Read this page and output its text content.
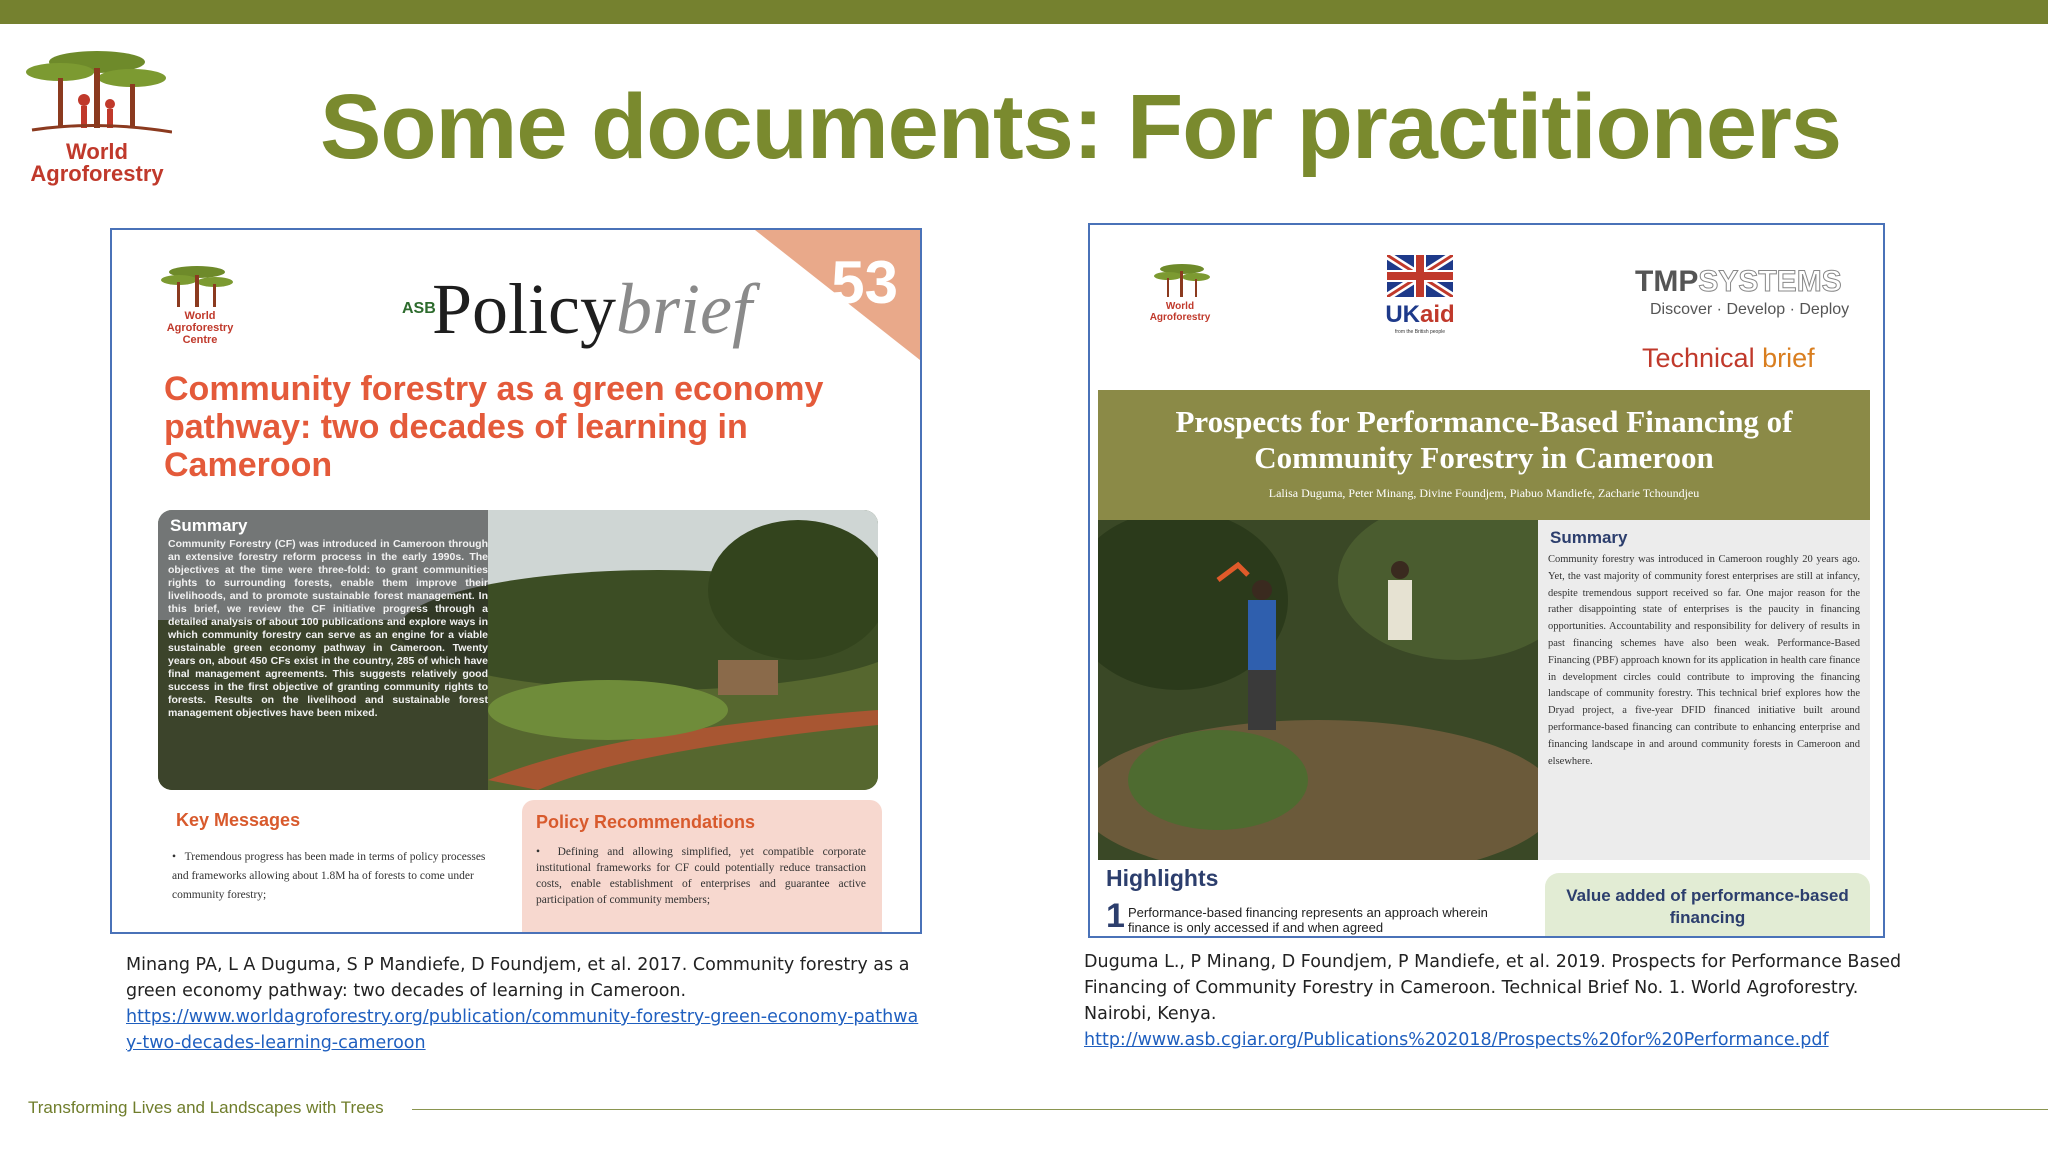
World
Agroforestry Some documents: For practitioners
53
World
Agroforestry
Centre
ASB
Policybrief
Community forestry as a green economy pathway: two decades of learning in Cameroon
Summary
Community Forestry (CF) was introduced in Cameroon through an extensive forestry reform process in the early 1990s. The objectives at the time were three-fold: to grant communities rights to surrounding forests, enable them improve their livelihoods, and to promote sustainable forest management. In this brief, we review the CF initiative progress through a detailed analysis of about 100 publications and explore ways in which community forestry can serve as an engine for a viable sustainable green economy pathway in Cameroon. Twenty years on, about 450 CFs exist in the country, 285 of which have final management agreements. This suggests relatively good success in the first objective of granting community rights to forests. Results on the livelihood and sustainable forest management objectives have been mixed.
Key Messages
•   Tremendous progress has been made in terms of policy processes and frameworks allowing about 1.8M ha of forests to come under community forestry;
Policy Recommendations
•  Defining and allowing simplified, yet compatible corporate institutional frameworks for CF could potentially reduce transaction costs, enable establishment of enterprises and guarantee active participation of community members;
World
Agroforestry	UKaid
from the British people
TMPSYSTEMS
Discover · Develop · Deploy
Technical brief
Prospects for Performance-Based Financing of Community Forestry in Cameroon
Lalisa Duguma, Peter Minang, Divine Foundjem, Piabuo Mandiefe, Zacharie Tchoundjeu
Summary
Community forestry was introduced in Cameroon roughly 20 years ago. Yet, the vast majority of community forest enterprises are still at infancy, despite tremendous support received so far. One major reason for the rather disappointing state of enterprises is the paucity in financing opportunities. Accountability and responsibility for delivery of results in past financing schemes have also been weak. Performance-Based Financing (PBF) approach known for its application in health care finance in development circles could contribute to improving the financing landscape of community forestry. This technical brief explores how the Dryad project, a five-year DFID financed initiative built around performance-based financing can contribute to enhancing enterprise and financing landscape in and around community forests in Cameroon and elsewhere.
Highlights
1 Performance-based financing represents an approach wherein finance is only accessed if and when agreed
Value added of performance-based financing
Minang PA, L A Duguma, S P Mandiefe, D Foundjem, et al. 2017. Community forestry as a green economy pathway: two decades of learning in Cameroon.
https://www.worldagroforestry.org/publication/community-forestry-green-economy-pathway-two-decades-learning-cameroon
Duguma L., P Minang, D Foundjem, P Mandiefe, et al. 2019. Prospects for Performance Based Financing of Community Forestry in Cameroon. Technical Brief No. 1. World Agroforestry. Nairobi, Kenya.
http://www.asb.cgiar.org/Publications%202018/Prospects%20for%20Performance.pdf
Transforming Lives and Landscapes with Trees
